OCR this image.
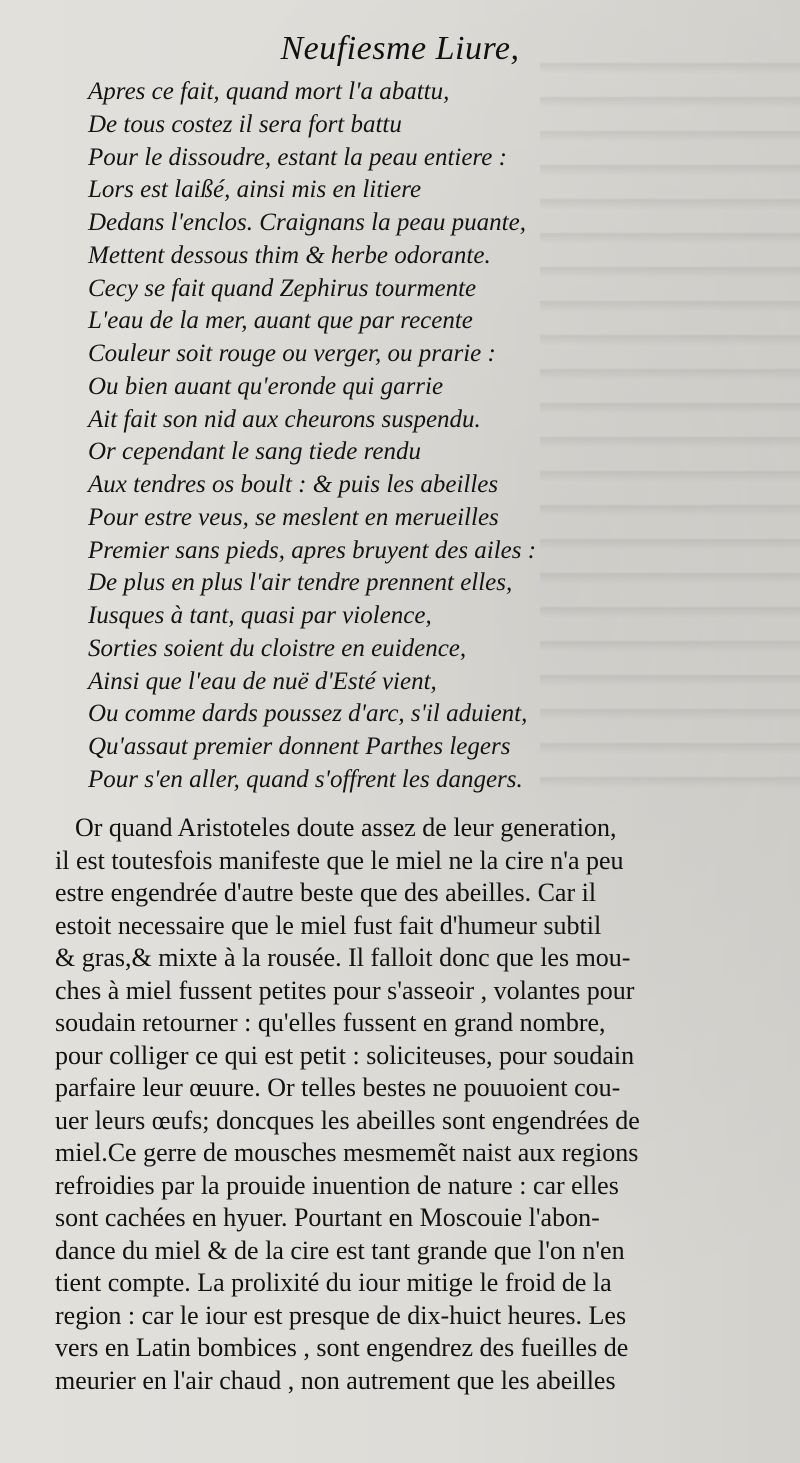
Neufiesme Liure,
Apres ce fait, quand mort l'a abattu,
De tous costez il sera fort battu
Pour le dissoudre, estant la peau entiere :
Lors est laißé, ainsi mis en litiere
Dedans l'enclos. Craignans la peau puante,
Mettent dessous thim & herbe odorante.
Cecy se fait quand Zephirus tourmente
L'eau de la mer, auant que par recente
Couleur soit rouge ou verger, ou prarie :
Ou bien auant qu'eronde qui garrie
Ait fait son nid aux cheurons suspendu.
Or cependant le sang tiede rendu
Aux tendres os boult : & puis les abeilles
Pour estre veus, se meslent en merueilles
Premier sans pieds, apres bruyent des ailes :
De plus en plus l'air tendre prennent elles,
Iusques à tant, quasi par violence,
Sorties soient du cloistre en euidence,
Ainsi que l'eau de nuë d'Esté vient,
Ou comme dards poussez d'arc, s'il aduient,
Qu'assaut premier donnent Parthes legers
Pour s'en aller, quand s'offrent les dangers.
Or quand Aristoteles doute assez de leur generation,
il est toutesfois manifeste que le miel ne la cire n'a peu
estre engendrée d'autre beste que des abeilles. Car il
estoit necessaire que le miel fust fait d'humeur subtil
& gras,& mixte à la rousée. Il falloit donc que les mou-
ches à miel fussent petites pour s'asseoir , volantes pour
soudain retourner : qu'elles fussent en grand nombre,
pour colliger ce qui est petit : soliciteuses, pour soudain
parfaire leur œuure. Or telles bestes ne pouuoient cou-
uer leurs œufs; doncques les abeilles sont engendrées de
miel.Ce gerre de mousches mesmemẽt naist aux regions
refroidies par la prouide inuention de nature : car elles
sont cachées en hyuer. Pourtant en Moscouie l'abon-
dance du miel & de la cire est tant grande que l'on n'en
tient compte. La prolixité du iour mitige le froid de la
region : car le iour est presque de dix-huict heures. Les
vers en Latin bombices , sont engendrez des fueilles de
meurier en l'air chaud , non autrement que les abeilles
